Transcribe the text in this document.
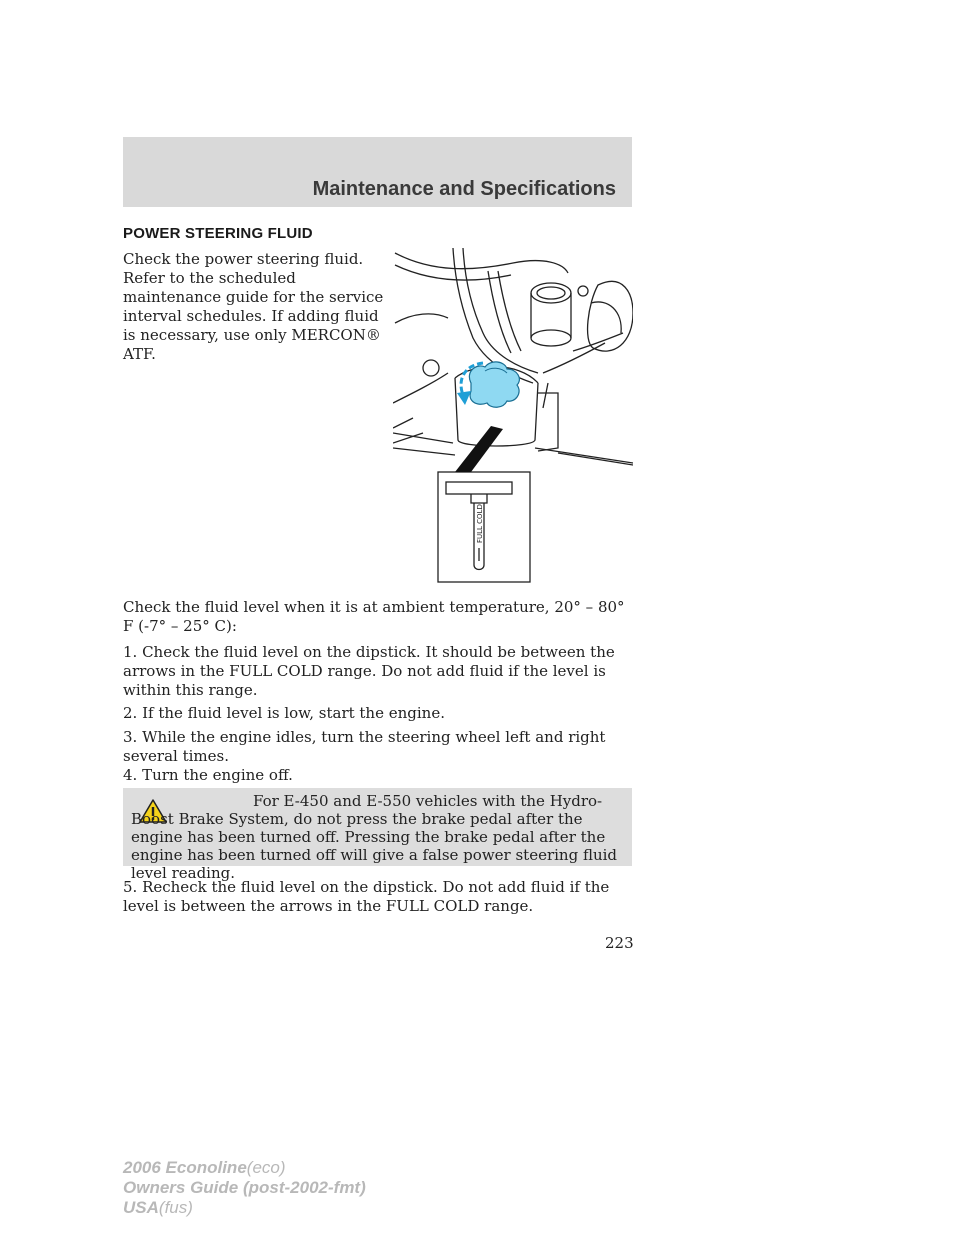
Maintenance and Specifications
POWER STEERING FLUID
Check the power steering fluid. Refer to the scheduled maintenance guide for the service interval schedules. If adding fluid is necessary, use only MERCON® ATF.
FULL COLD

Check the fluid level when it is at ambient temperature, 20° – 80° F (-7° – 25° C):

1. Check the fluid level on the dipstick. It should be between the arrows in the FULL COLD range. Do not add fluid if the level is within this range.

2. If the fluid level is low, start the engine.

3. While the engine idles, turn the steering wheel left and right several times.

4. Turn the engine off.

For E-450 and E-550 vehicles with the Hydro-Boost Brake System, do not press the brake pedal after the engine has been turned off. Pressing the brake pedal after the engine has been turned off will give a false power steering fluid level reading.

5. Recheck the fluid level on the dipstick. Do not add fluid if the level is between the arrows in the FULL COLD range.

223
2006 Econoline(eco)
Owners Guide (post-2002-fmt)
USA(fus)
